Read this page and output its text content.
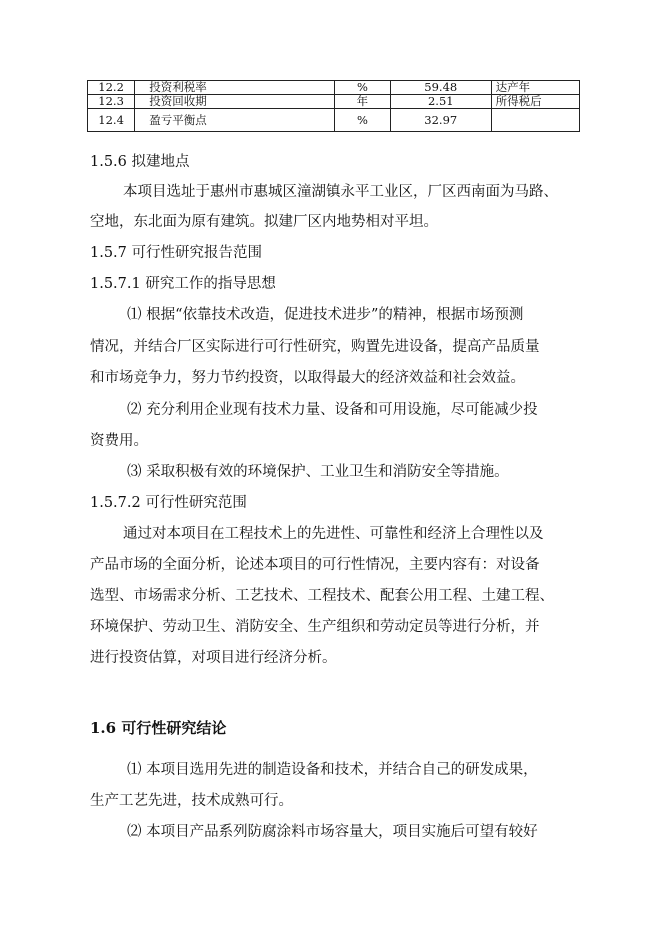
12.2	投资利税率	%	59.48	达产年
12.3	投资回收期	年	2.51	所得税后
12.4	盈亏平衡点	%	32.97	
1.5.6 拟建地点
本项目选址于惠州市惠城区潼湖镇永平工业区，厂区西南面为马路、
空地，东北面为原有建筑。拟建厂区内地势相对平坦。
1.5.7 可行性研究报告范围
1.5.7.1 研究工作的指导思想
⑴ 根据“依靠技术改造，促进技术进步”的精神，根据市场预测
情况，并结合厂区实际进行可行性研究，购置先进设备，提高产品质量
和市场竞争力，努力节约投资，以取得最大的经济效益和社会效益。
⑵ 充分利用企业现有技术力量、设备和可用设施，尽可能减少投
资费用。
⑶ 采取积极有效的环境保护、工业卫生和消防安全等措施。
1.5.7.2 可行性研究范围
通过对本项目在工程技术上的先进性、可靠性和经济上合理性以及
产品市场的全面分析，论述本项目的可行性情况，主要内容有：对设备
选型、市场需求分析、工艺技术、工程技术、配套公用工程、土建工程、
环境保护、劳动卫生、消防安全、生产组织和劳动定员等进行分析，并
进行投资估算，对项目进行经济分析。
1.6 可行性研究结论
⑴ 本项目选用先进的制造设备和技术，并结合自己的研发成果，
生产工艺先进，技术成熟可行。
⑵ 本项目产品系列防腐涂料市场容量大，项目实施后可望有较好
